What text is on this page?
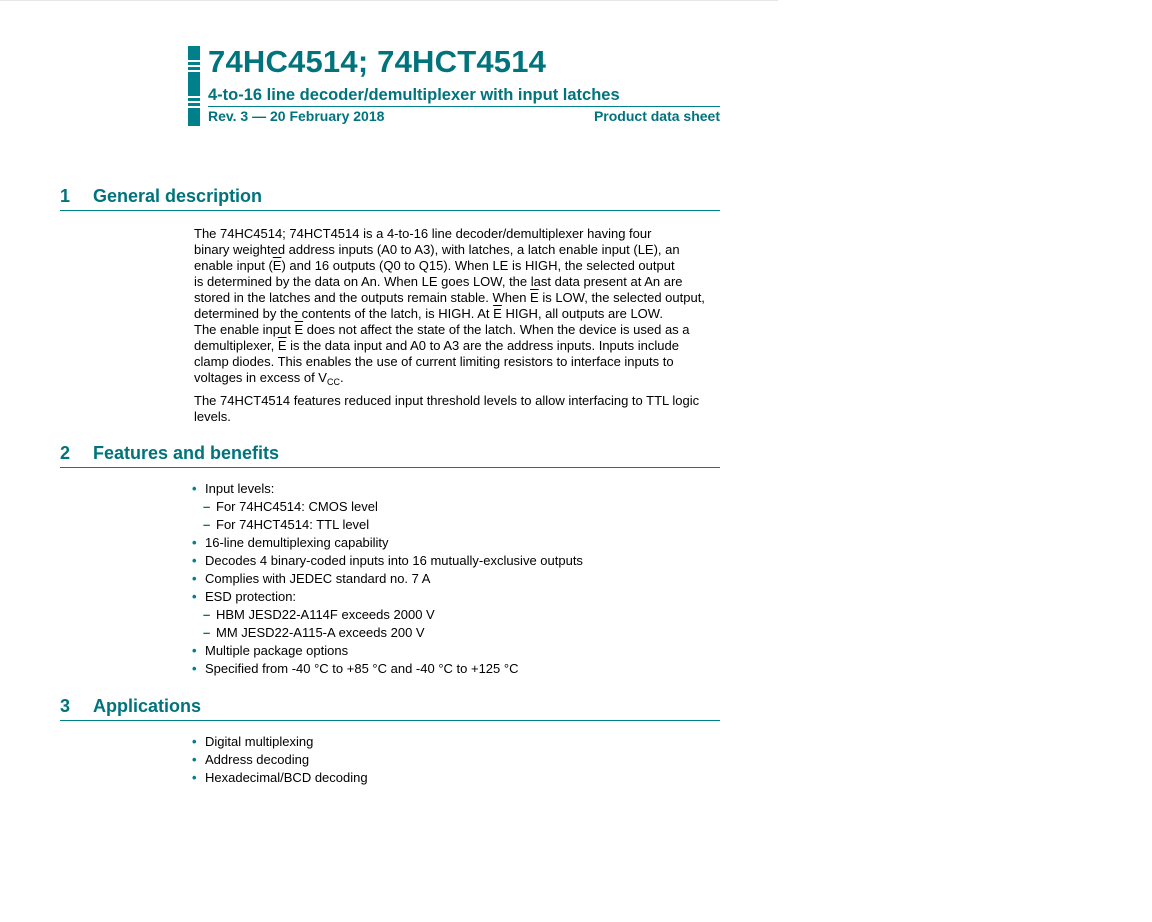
74HC4514; 74HCT4514
4-to-16 line decoder/demultiplexer with input latches
Rev. 3 — 20 February 2018	Product data sheet
1 General description
The 74HC4514; 74HCT4514 is a 4-to-16 line decoder/demultiplexer having four
binary weighted address inputs (A0 to A3), with latches, a latch enable input (LE), an
enable input $(\overline{E})$ and 16 outputs (Q0 to Q15). When LE is HIGH, the selected output
is determined by the data on An. When LE goes LOW, the last data present at An are
stored in the latches and the outputs remain stable. When $\overline{E}$ is LOW, the selected output,
determined by the contents of the latch, is HIGH. At $\overline{E}$ HIGH, all outputs are LOW.
The enable input $\overline{E}$ does not affect the state of the latch. When the device is used as a
demultiplexer, $\overline{E}$ is the data input and A0 to A3 are the address inputs. Inputs include
clamp diodes. This enables the use of current limiting resistors to interface inputs to
voltages in excess of $V_{CC}$.
The 74HCT4514 features reduced input threshold levels to allow interfacing to TTL logic
levels.
2 Features and benefits
• Input levels:
– For 74HC4514: CMOS level
– For 74HCT4514: TTL level
• 16-line demultiplexing capability
• Decodes 4 binary-coded inputs into 16 mutually-exclusive outputs
• Complies with JEDEC standard no. 7 A
• ESD protection:
– HBM JESD22-A114F exceeds 2000 V
– MM JESD22-A115-A exceeds 200 V
• Multiple package options
• Specified from -40 °C to +85 °C and -40 °C to +125 °C
3 Applications
• Digital multiplexing
• Address decoding
• Hexadecimal/BCD decoding
